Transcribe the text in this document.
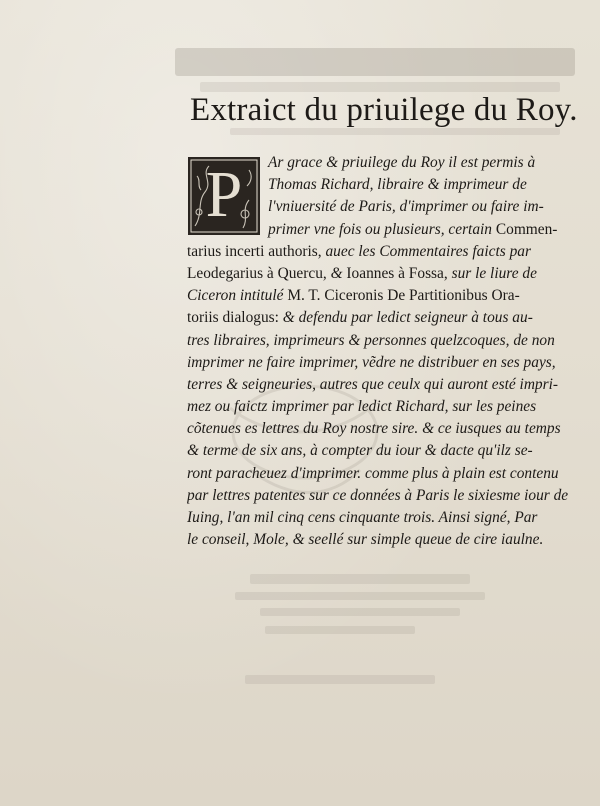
Extraict du priuilege du Roy.
P	Ar grace & priuilege du Roy il est permis à
Thomas Richard, libraire & imprimeur de
l'vniuersité de Paris, d'imprimer ou faire im-
primer vne fois ou plusieurs, certain Commen-
tarius incerti authoris, auec les Commentaires faicts par
Leodegarius à Quercu, & Ioannes à Fossa, sur le liure de
Ciceron intitulé M. T. Ciceronis De Partitionibus Ora-
toriis dialogus: & defendu par ledict seigneur à tous au-
tres libraires, imprimeurs & personnes quelzcoques, de non
imprimer ne faire imprimer, vẽdre ne distribuer en ses pays,
terres & seigneuries, autres que ceulx qui auront esté impri-
mez ou faictz imprimer par ledict Richard, sur les peines
cõtenues es lettres du Roy nostre sire. & ce iusques au temps
& terme de six ans, à compter du iour & dacte qu'ilz se-
ront paracheuez d'imprimer. comme plus à plain est contenu
par lettres patentes sur ce données à Paris le sixiesme iour de
Iuing, l'an mil cinq cens cinquante trois. Ainsi signé, Par
le conseil, Mole, & seellé sur simple queue de cire iaulne.
